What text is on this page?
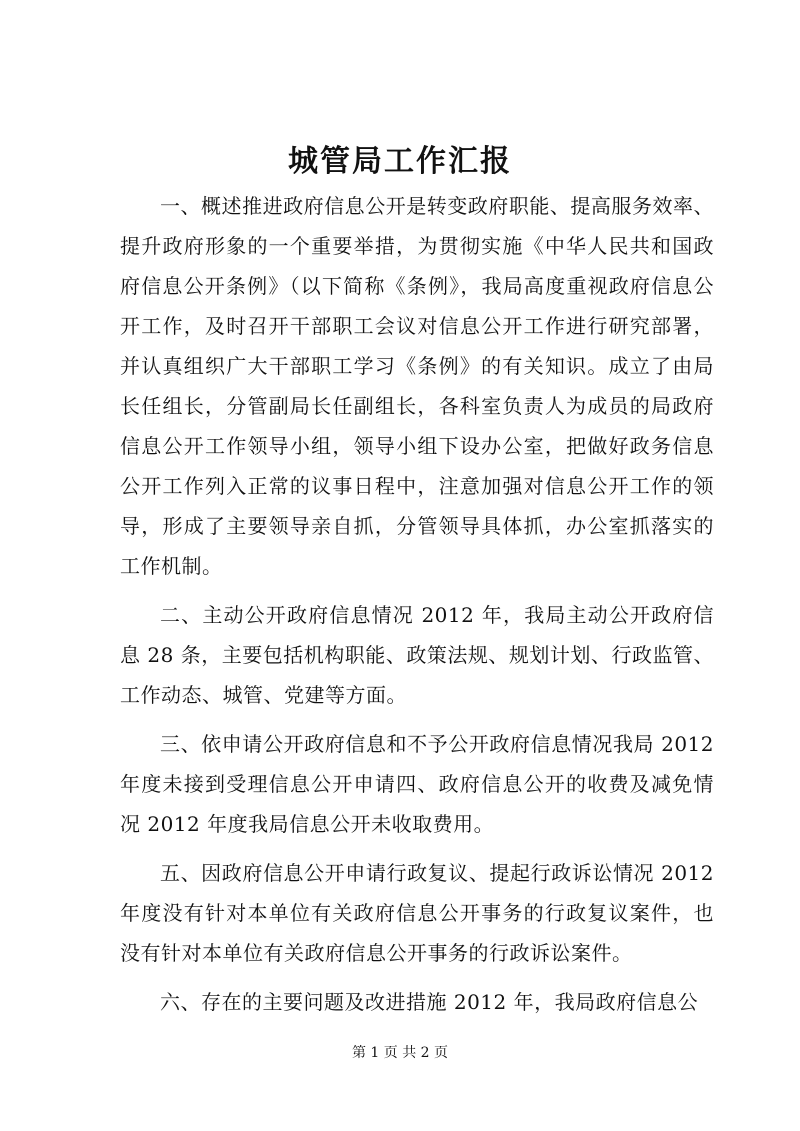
城管局工作汇报

一、概述推进政府信息公开是转变政府职能、提高服务效率、提升政府形象的一个重要举措，为贯彻实施《中华人民共和国政府信息公开条例》（以下简称《条例》，我局高度重视政府信息公开工作，及时召开干部职工会议对信息公开工作进行研究部署，并认真组织广大干部职工学习《条例》的有关知识。成立了由局长任组长，分管副局长任副组长，各科室负责人为成员的局政府信息公开工作领导小组，领导小组下设办公室，把做好政务信息公开工作列入正常的议事日程中，注意加强对信息公开工作的领导，形成了主要领导亲自抓，分管领导具体抓，办公室抓落实的工作机制。

二、主动公开政府信息情况 2012 年，我局主动公开政府信息 28 条，主要包括机构职能、政策法规、规划计划、行政监管、工作动态、城管、党建等方面。

三、依申请公开政府信息和不予公开政府信息情况我局 2012 年度未接到受理信息公开申请四、政府信息公开的收费及减免情况 2012 年度我局信息公开未收取费用。

五、因政府信息公开申请行政复议、提起行政诉讼情况 2012 年度没有针对本单位有关政府信息公开事务的行政复议案件，也没有针对本单位有关政府信息公开事务的行政诉讼案件。

六、存在的主要问题及改进措施 2012 年，我局政府信息公

第 1 页 共 2 页
